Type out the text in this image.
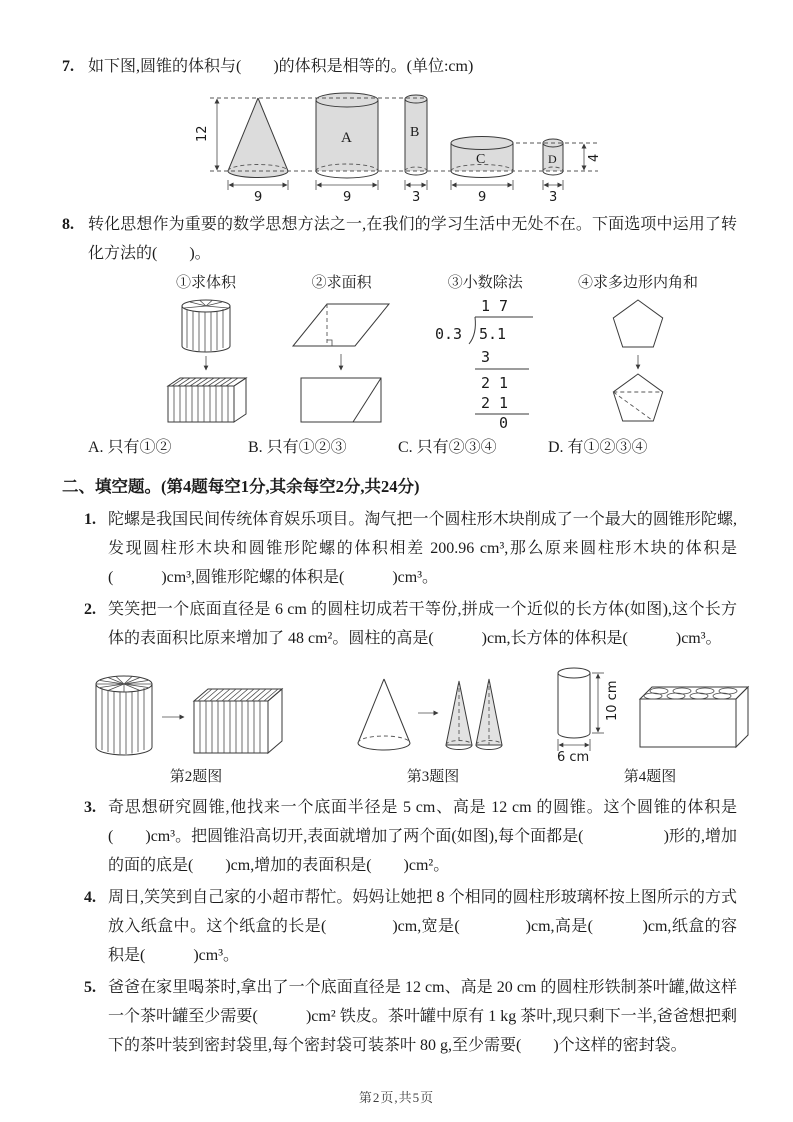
7. 如下图,圆锥的体积与(　　)的体积是相等的。(单位:cm)
A	B
C	D
12
4
9	9	3	9	3
8. 转化思想作为重要的数学思想方法之一,在我们的学习生活中无处不在。下面选项中运用了转化方法的(　　)。
①求体积	②求面积	③小数除法
1 7
0.3 5.1
3
2 1
2 1
0
④求多边形内角和
A. 只有①②	B. 只有①②③	C. 只有②③④	D. 有①②③④
二、填空题。(第4题每空1分,其余每空2分,共24分)
1. 陀螺是我国民间传统体育娱乐项目。淘气把一个圆柱形木块削成了一个最大的圆锥形陀螺,发现圆柱形木块和圆锥形陀螺的体积相差 200.96 cm³,那么原来圆柱形木块的体积是(　　　)cm³,圆锥形陀螺的体积是(　　　)cm³。
2. 笑笑把一个底面直径是 6 cm 的圆柱切成若干等份,拼成一个近似的长方体(如图),这个长方体的表面积比原来增加了 48 cm²。圆柱的高是(　　　)cm,长方体的体积是(　　　)cm³。
第2题图	第3题图
10 cm
6 cm
第4题图
3. 奇思想研究圆锥,他找来一个底面半径是 5 cm、高是 12 cm 的圆锥。这个圆锥的体积是(　　)cm³。把圆锥沿高切开,表面就增加了两个面(如图),每个面都是(　　　　　)形的,增加的面的底是(　　)cm,增加的表面积是(　　)cm²。
4. 周日,笑笑到自己家的小超市帮忙。妈妈让她把 8 个相同的圆柱形玻璃杯按上图所示的方式放入纸盒中。这个纸盒的长是(　　　　)cm,宽是(　　　　)cm,高是(　　　)cm,纸盒的容积是(　　　)cm³。
5. 爸爸在家里喝茶时,拿出了一个底面直径是 12 cm、高是 20 cm 的圆柱形铁制茶叶罐,做这样一个茶叶罐至少需要(　　　)cm² 铁皮。茶叶罐中原有 1 kg 茶叶,现只剩下一半,爸爸想把剩下的茶叶装到密封袋里,每个密封袋可装茶叶 80 g,至少需要(　　)个这样的密封袋。
第2页,共5页
